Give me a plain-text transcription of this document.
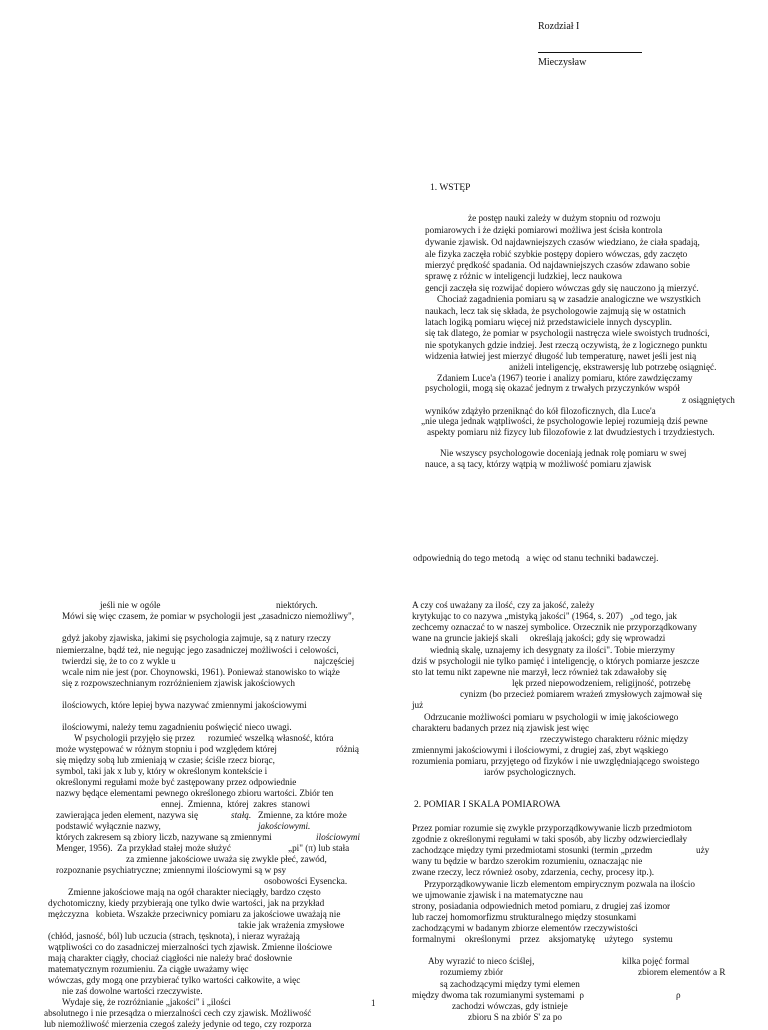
Rozdział I
Mieczysław
1. WSTĘP
że postęp nauki zależy w dużym stopniu od rozwoju
pomiarowych i że dzięki pomiarowi możliwa jest ścisła kontrola
dywanie zjawisk. Od najdawniejszych czasów wiedziano, że ciała spadają,
ale fizyka zaczęła robić szybkie postępy dopiero wówczas, gdy zaczęto
mierzyć prędkość spadania. Od najdawniejszych czasów zdawano sobie
sprawę z różnic w inteligencji ludzkiej, lecz naukowa
gencji zaczęła się rozwijać dopiero wówczas gdy się nauczono ją mierzyć.
Chociaż zagadnienia pomiaru są w zasadzie analogiczne we wszystkich
naukach, lecz tak się składa, że psychologowie zajmują się w ostatnich
latach logiką pomiaru więcej niż przedstawiciele innych dyscyplin.
się tak dlatego, że pomiar w psychologii nastręcza wiele swoistych trudności,
nie spotykanych gdzie indziej. Jest rzeczą oczywistą, że z logicznego punktu
widzenia łatwiej jest mierzyć długość lub temperaturę, nawet jeśli jest nią
aniżeli inteligencję, ekstrawersję lub potrzebę osiągnięć.
Zdaniem Luce'a (1967) teorie i analizy pomiaru, które zawdzięczamy
psychologii, mogą się okazać jednym z trwałych przyczynków współ
z osiągniętych
wyników zdążyło przeniknąć do kół filozoficznych, dla Luce'a
„nie ulega jednak wątpliwości, że psychologowie lepiej rozumieją dziś pewne
aspekty pomiaru niż fizycy lub filozofowie z lat dwudziestych i trzydziestych.
Nie wszyscy psychologowie doceniają jednak rolę pomiaru w swej
nauce, a są tacy, którzy wątpią w możliwość pomiaru zjawisk
odpowiednią do tego metodą   a więc od stanu techniki badawczej.
jeśli nie w ogóle	niektórych.
Mówi się więc czasem, że pomiar w psychologii jest „zasadniczo niemożliwy",
gdyż jakoby zjawiska, jakimi się psychologia zajmuje, są z natury rzeczy
niemierzalne, bądź też, nie negując jego zasadniczej możliwości i celowości,
twierdzi się, że to co z wykle u	najczęściej
wcale nim nie jest (por. Choynowski, 1961). Ponieważ stanowisko to wiąże
się z rozpowszechnianym rozróżnieniem zjawisk jakościowych
ilościowych, które lepiej bywa nazywać zmiennymi jakościowymi
ilościowymi, należy temu zagadnieniu poświęcić nieco uwagi.
W psychologii przyjęło się przez rozumieć wszelką własność, która
może występować w różnym stopniu i pod względem której	różnią
się między sobą lub zmieniają w czasie; ściśle rzecz biorąc,
symbol, taki jak x lub y, który w określonym kontekście i
określonymi regułami może być zastępowany przez odpowiednie
nazwy będące elementami pewnego określonego zbioru wartości. Zbiór ten
ennej.  Zmienna,  której  zakres  stanowi
zawierająca jeden element, nazywa się	stałą. Zmienne, za które może
podstawić wyłącznie nazwy,	jakościowymi.
których zakresem są zbiory liczb, nazywane są zmiennymi	ilościowymi
Menger, 1956).  Za przykład stałej może służyć	„pi" (π) lub stała
za zmienne jakościowe uważa się zwykle płeć, zawód,
rozpoznanie psychiatryczne; zmiennymi ilościowymi są w psy
osobowości Eysencka.
Zmienne jakościowe mają na ogół charakter nieciągły, bardzo często
dychotomiczny, kiedy przybierają one tylko dwie wartości, jak na przykład
mężczyzna   kobieta. Wszakże przeciwnicy pomiaru za jakościowe uważają nie
takie jak wrażenia zmysłowe
(chłód, jasność, ból) lub uczucia (strach, tęsknota), i nieraz wyrażają
wątpliwości co do zasadniczej mierzalności tych zjawisk. Zmienne ilościowe
mają charakter ciągły, chociaż ciągłości nie należy brać dosłownie
matematycznym rozumieniu. Za ciągłe uważamy więc
wówczas, gdy mogą one przybierać tylko wartości całkowite, a więc
nie zaś dowolne wartości rzeczywiste.
Wydaje się, że rozróżnianie „jakości" i „ilości
absolutnego i nie przesądza o mierzalności cech czy zjawisk. Możliwość
lub niemożliwość mierzenia czegoś zależy jedynie od tego, czy rozporza
A czy coś uważany za ilość, czy za jakość, zależy
krytykując to co nazywa „mistyką jakości" (1964, s. 207)   „od tego, jak
zechcemy oznaczać to w naszej symbolice. Orzecznik nie przyporządkowany
wane na gruncie jakiejś skali     określają jakości; gdy się wprowadzi
wiednią skalę, uznajemy ich desygnaty za ilości". Tobie mierzymy
dziś w psychologii nie tylko pamięć i inteligencję, o których pomiarze jeszcze
sto lat temu nikt zapewne nie marzył, lecz również tak zdawałoby się
lęk przed niepowodzeniem, religijność, potrzebę
cynizm (bo przecież pomiarem wrażeń zmysłowych zajmował się
już
Odrzucanie możliwości pomiaru w psychologii w imię jakościowego
charakteru badanych przez nią zjawisk jest więc
rzeczywistego charakteru różnic między
zmiennymi jakościowymi i ilościowymi, z drugiej zaś, zbyt wąskiego
rozumienia pomiaru, przyjętego od fizyków i nie uwzględniającego swoistego
iarów psychologicznych.
2. POMIAR I SKALA POMIAROWA
Przez pomiar rozumie się zwykle przyporządkowywanie liczb przedmiotom
zgodnie z określonymi regułami w taki sposób, aby liczby odzwierciedlały
zachodzące między tymi przedmiotami stosunki (termin „przedm	uży
wany tu będzie w bardzo szerokim rozumieniu, oznaczając nie
zwane rzeczy, lecz również osoby, zdarzenia, cechy, procesy itp.).
Przyporządkowywanie liczb elementom empirycznym pozwala na ilościo
we ujmowanie zjawisk i na matematyczne nau
strony, posiadania odpowiednich metod pomiaru, z drugiej zaś izomor
lub raczej homomorfizmu strukturalnego między stosunkami
zachodzącymi w badanym zbiorze elementów rzeczywistości
formalnymi    określonymi    przez    aksjomatykę    użytego    systemu
Aby wyrazić to nieco ściślej,	kilka pojęć formal
rozumiemy zbiór	zbiorem elementów a R
są zachodzącymi między tymi elemen
między dwoma tak rozumianymi systemami  ρ	ρ
zachodzi wówczas, gdy istnieje
zbioru S na zbiór S' za po
1
